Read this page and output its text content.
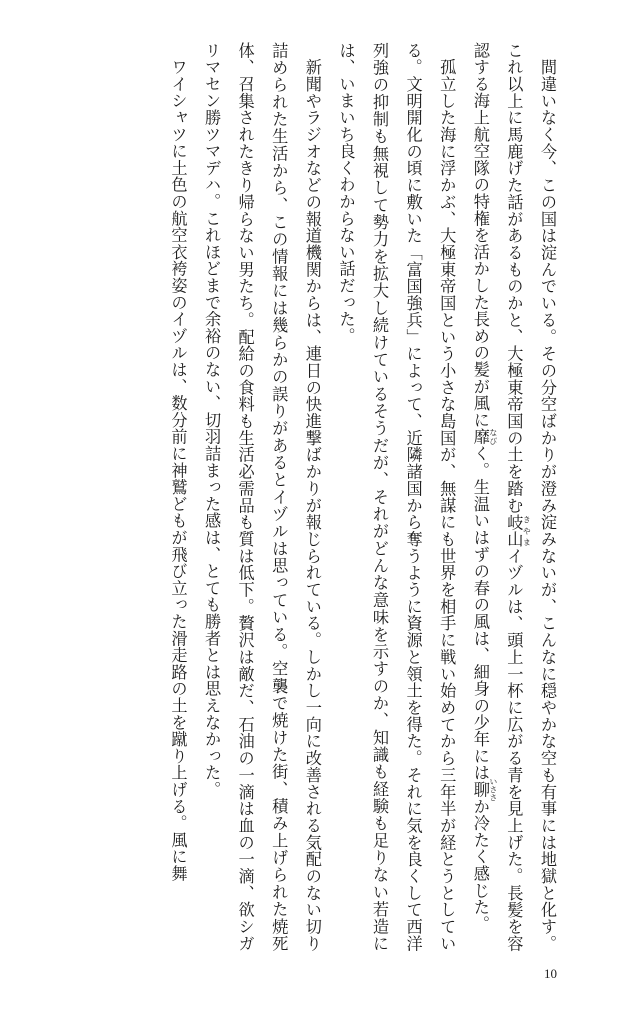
　間違いなく今、この国は淀んでいる。その分空ばかりが澄み淀みないが、こんなに穏やかな空も有事には地獄と化す。これ以上に馬鹿げた話があるものかと、大極東帝国の土を踏む岐山 きやまイヅルは、頭上一杯に広がる青を見上げた。長髪を容認する海上航空隊の特権を活かした長めの髪が風に靡 なびく。生温いはずの春の風は、細身の少年には聊 いささか冷たく感じた。

　孤立した海に浮かぶ、大極東帝国という小さな島国が、無謀にも世界を相手に戦い始めてから三年半が経とうとしている。文明開化の頃に敷いた「富国強兵」によって、近隣諸国から奪うように資源と領土を得た。それに気を良くして西洋列強の抑制も無視して勢力を拡大し続けているそうだが、それがどんな意味を示すのか、知識も経験も足りない若造には、いまいち良くわからない話だった。

　新聞やラジオなどの報道機関からは、連日の快進撃ばかりが報じられている。しかし一向に改善される気配のない切り詰められた生活から、この情報には幾らかの誤りがあるとイヅルは思っている。空襲で焼けた街、積み上げられた焼死体、召集されたきり帰らない男たち。配給の食料も生活必需品も質は低下。贅沢は敵だ、石油の一滴は血の一滴、欲シガリマセン勝ツマデハ。これほどまで余裕のない、切羽詰まった感は、とても勝者とは思えなかった。

　ワイシャツに土色の航空衣袴姿のイヅルは、数分前に神鷲どもが飛び立った滑走路の土を蹴り上げる。風に舞

10
